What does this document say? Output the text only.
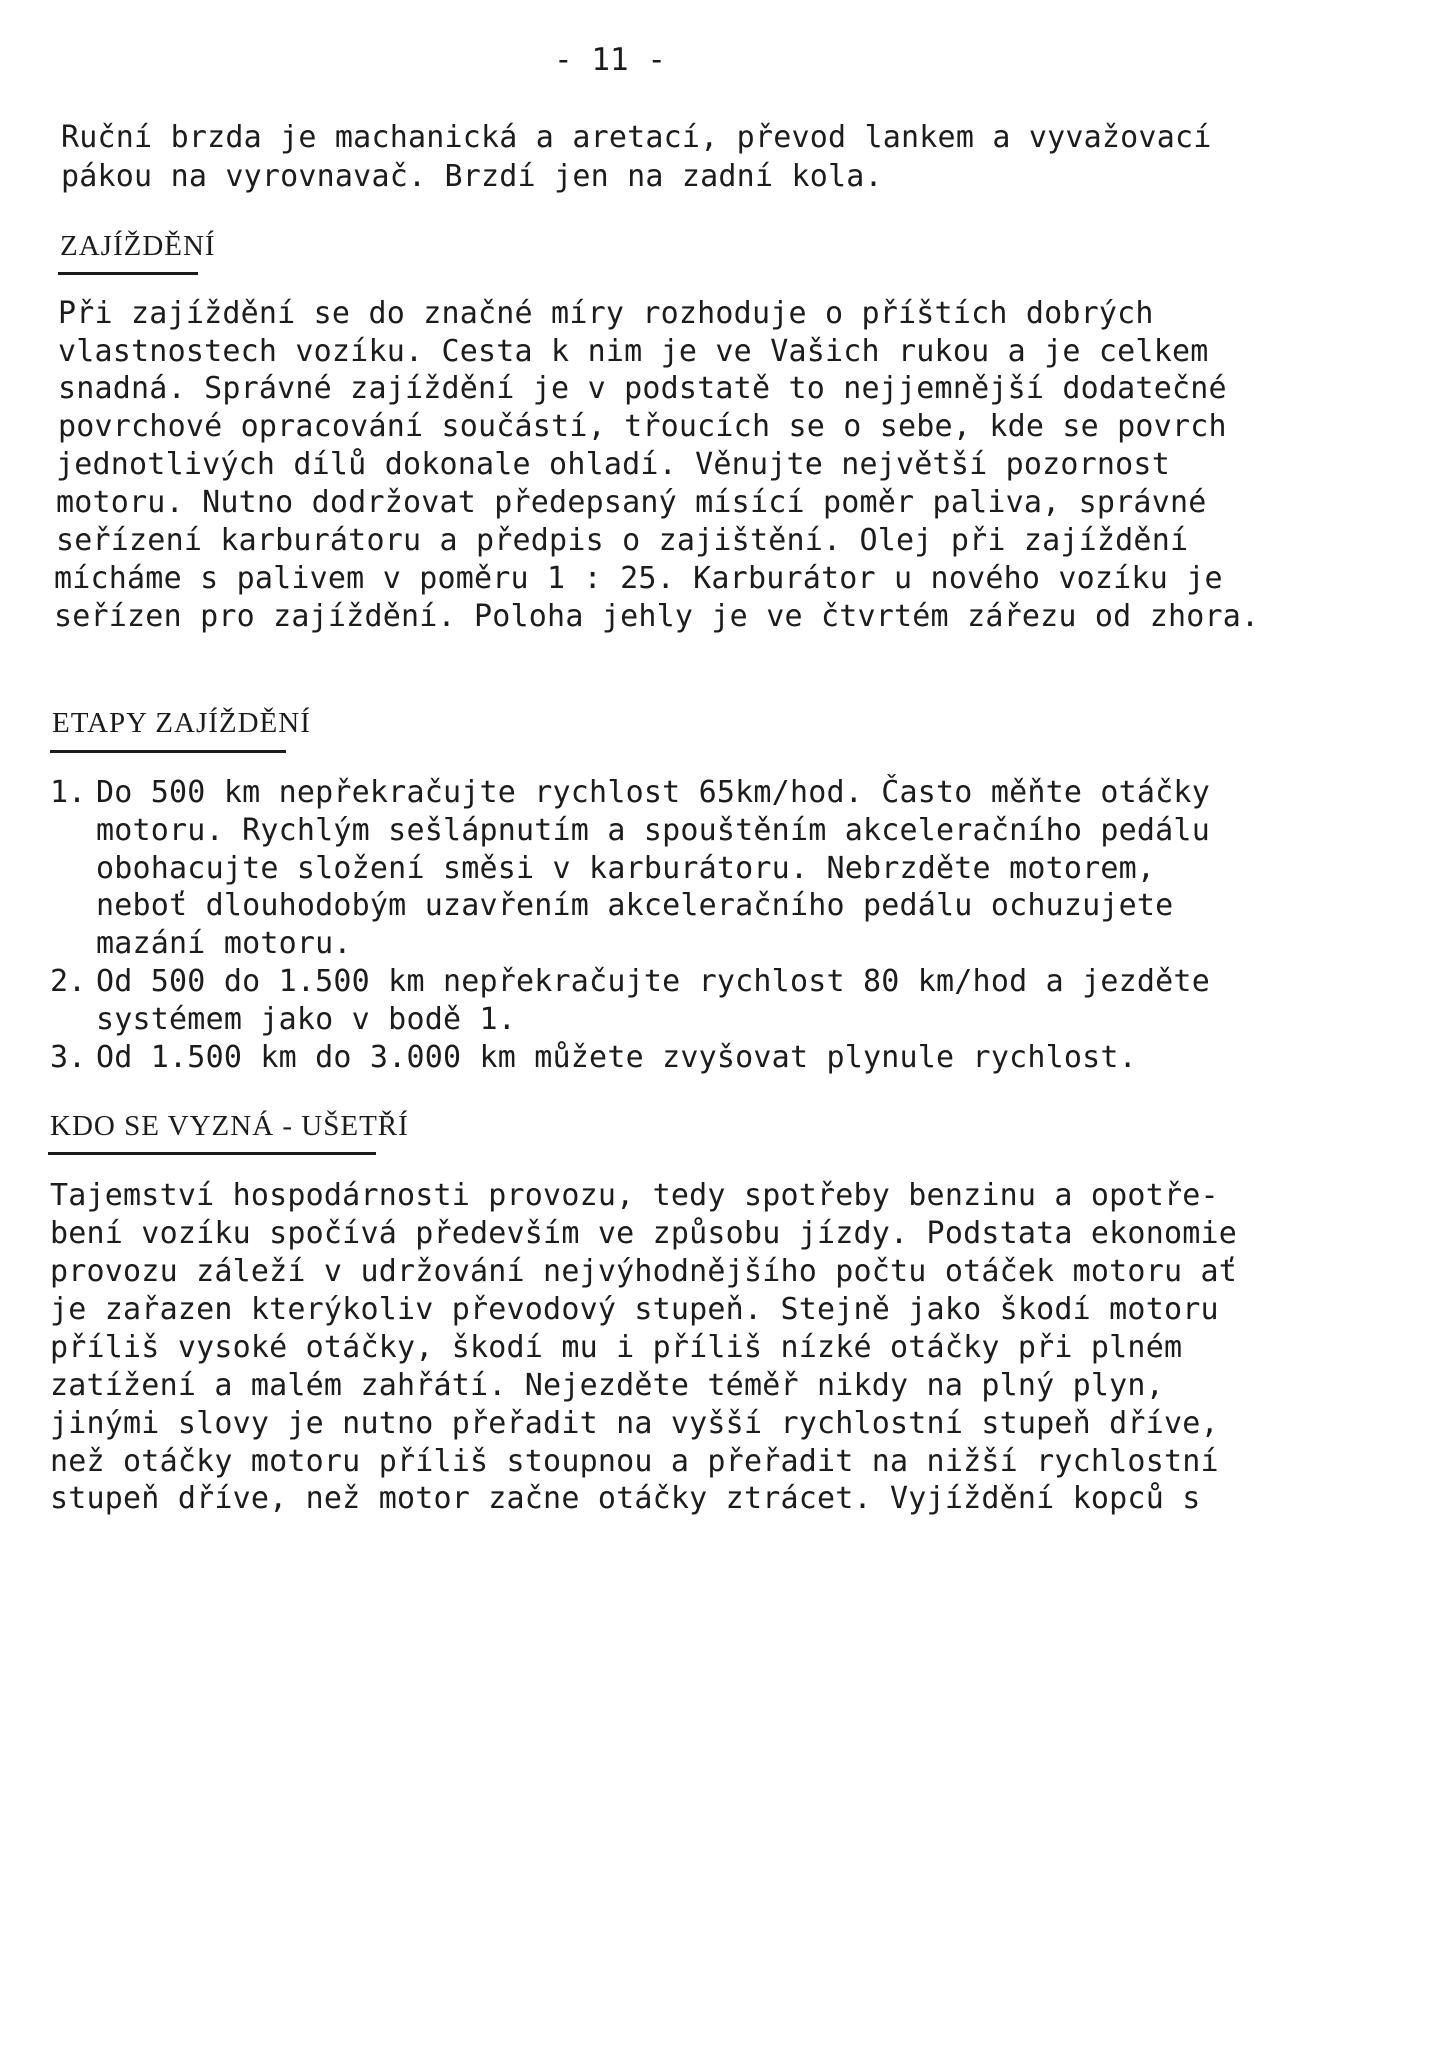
- 11 -
Ruční brzda je machanická a aretací, převod lankem a vyvažovací
pákou na vyrovnavač. Brzdí jen na zadní kola.
ZAJÍŽDĚNÍ
Při zajíždění se do značné míry rozhoduje o příštích dobrých
vlastnostech vozíku. Cesta k nim je ve Vašich rukou a je celkem
snadná. Správné zajíždění je v podstatě to nejjemnější dodatečné
povrchové opracování součástí, třoucích se o sebe, kde se povrch
jednotlivých dílů dokonale ohladí. Věnujte největší pozornost
motoru. Nutno dodržovat předepsaný mísící poměr paliva, správné
seřízení karburátoru a předpis o zajištění. Olej při zajíždění
mícháme s palivem v poměru 1 : 25. Karburátor u nového vozíku je
seřízen pro zajíždění. Poloha jehly je ve čtvrtém zářezu od zhora.
ETAPY ZAJÍŽDĚNÍ
1. Do 500 km nepřekračujte rychlost 65km/hod. Často měňte otáčky
motoru. Rychlým sešlápnutím a spouštěním akceleračního pedálu
obohacujte složení směsi v karburátoru. Nebrzděte motorem,
neboť dlouhodobým uzavřením akceleračního pedálu ochuzujete
mazání motoru.
2. Od 500 do 1.500 km nepřekračujte rychlost 80 km/hod a jezděte
systémem jako v bodě 1.
3. Od 1.500 km do 3.000 km můžete zvyšovat plynule rychlost.
KDO SE VYZNÁ - UŠETŘÍ
Tajemství hospodárnosti provozu, tedy spotřeby benzinu a opotře-
bení vozíku spočívá především ve způsobu jízdy. Podstata ekonomie
provozu záleží v udržování nejvýhodnějšího počtu otáček motoru ať
je zařazen kterýkoliv převodový stupeň. Stejně jako škodí motoru
příliš vysoké otáčky, škodí mu i příliš nízké otáčky při plném
zatížení a malém zahřátí. Nejezděte téměř nikdy na plný plyn,
jinými slovy je nutno přeřadit na vyšší rychlostní stupeň dříve,
než otáčky motoru příliš stoupnou a přeřadit na nižší rychlostní
stupeň dříve, než motor začne otáčky ztrácet. Vyjíždění kopců s
